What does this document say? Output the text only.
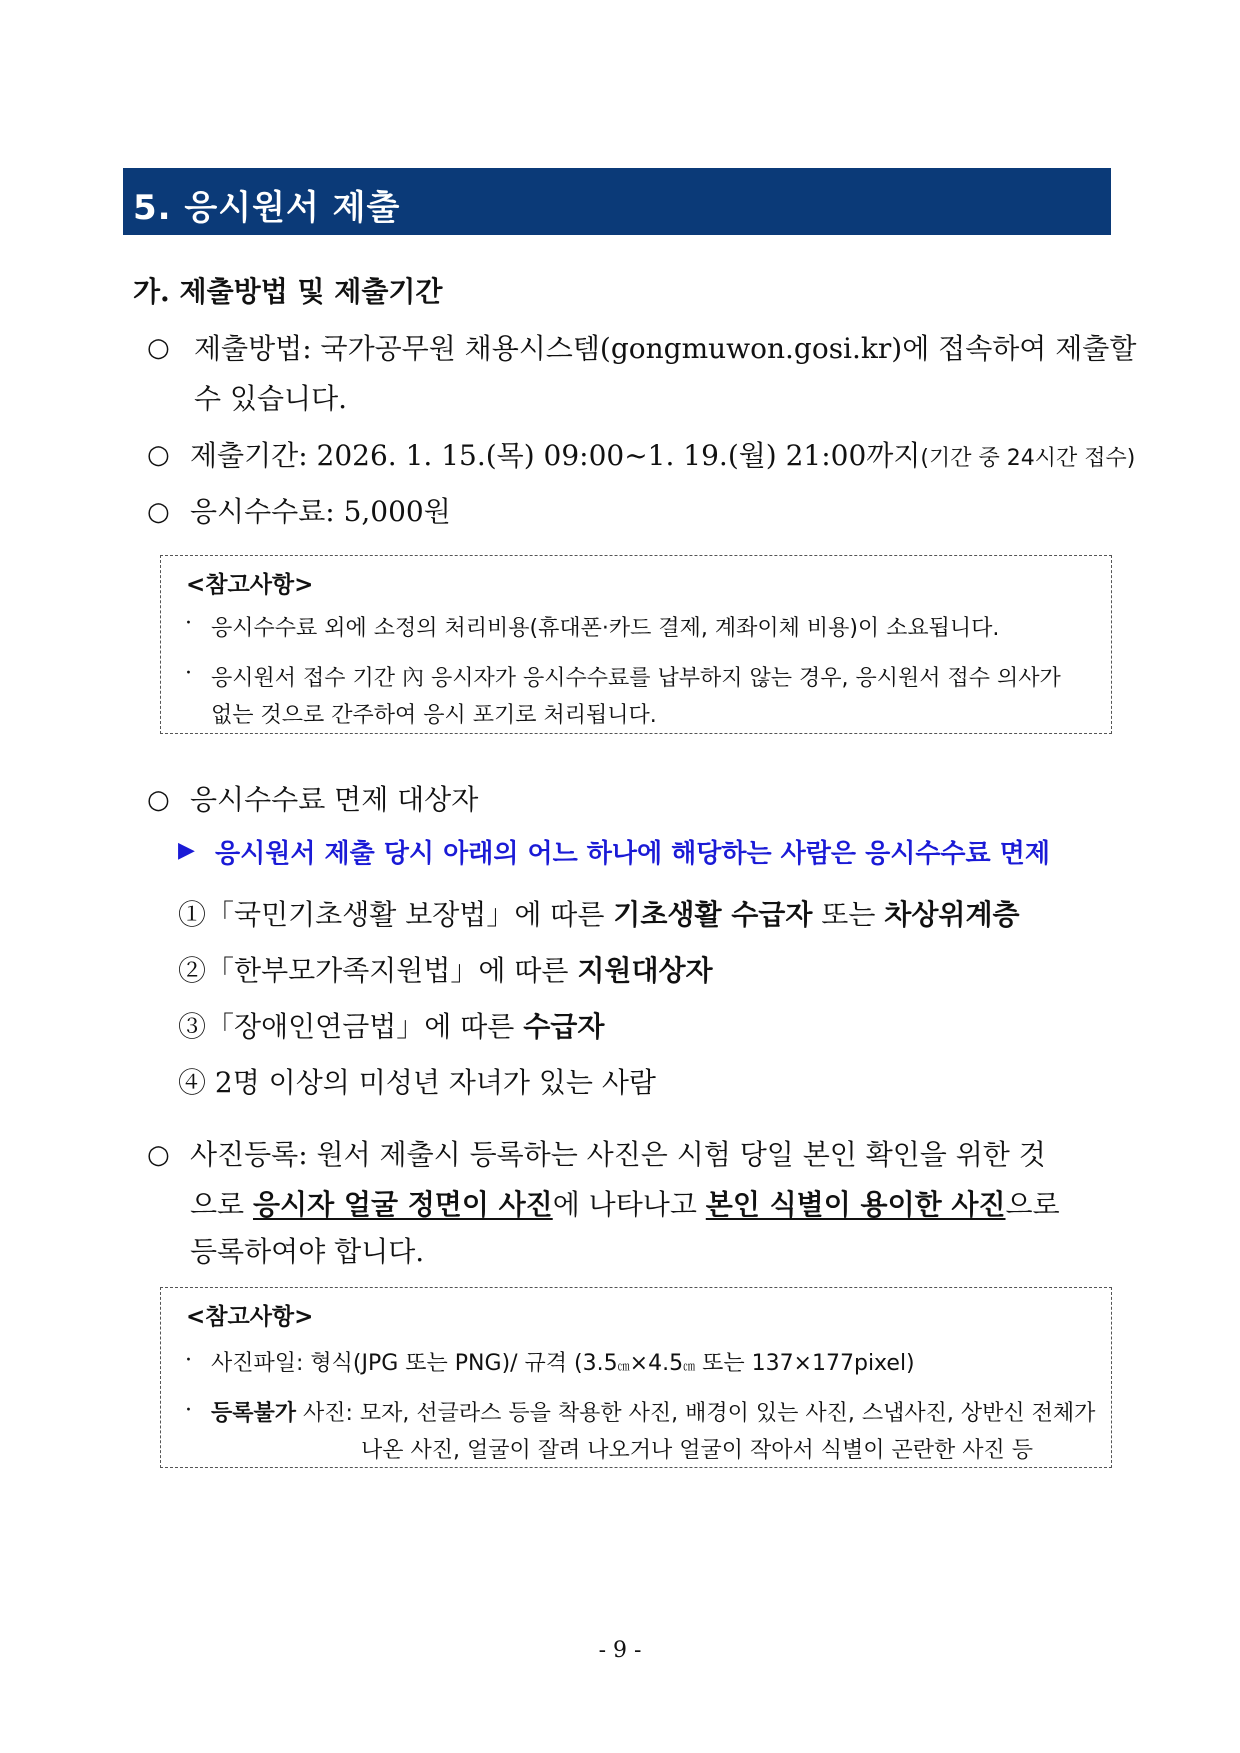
5. 응시원서 제출
가. 제출방법 및 제출기간
○ 제출방법: 국가공무원 채용시스템(gongmuwon.gosi.kr)에 접속하여 제출할
수 있습니다.
○ 제출기간: 2026. 1. 15.(목) 09:00~1. 19.(월) 21:00까지(기간 중 24시간 접수)
○ 응시수수료: 5,000원
<참고사항>
· 응시수수료 외에 소정의 처리비용(휴대폰·카드 결제, 계좌이체 비용)이 소요됩니다.
· 응시원서 접수 기간 內 응시자가 응시수수료를 납부하지 않는 경우, 응시원서 접수 의사가
없는 것으로 간주하여 응시 포기로 처리됩니다.
○ 응시수수료 면제 대상자
▶ 응시원서 제출 당시 아래의 어느 하나에 해당하는 사람은 응시수수료 면제
①「국민기초생활 보장법」에 따른 기초생활 수급자 또는 차상위계층
②「한부모가족지원법」에 따른 지원대상자
③「장애인연금법」에 따른 수급자
④ 2명 이상의 미성년 자녀가 있는 사람
○ 사진등록: 원서 제출시 등록하는 사진은 시험 당일 본인 확인을 위한 것
으로 응시자 얼굴 정면이 사진에 나타나고 본인 식별이 용이한 사진으로
등록하여야 합니다.
<참고사항>
· 사진파일: 형식(JPG 또는 PNG)/ 규격 (3.5㎝×4.5㎝ 또는 137×177pixel)
· 등록불가 사진: 모자, 선글라스 등을 착용한 사진, 배경이 있는 사진, 스냅사진, 상반신 전체가
나온 사진, 얼굴이 잘려 나오거나 얼굴이 작아서 식별이 곤란한 사진 등
- 9 -
